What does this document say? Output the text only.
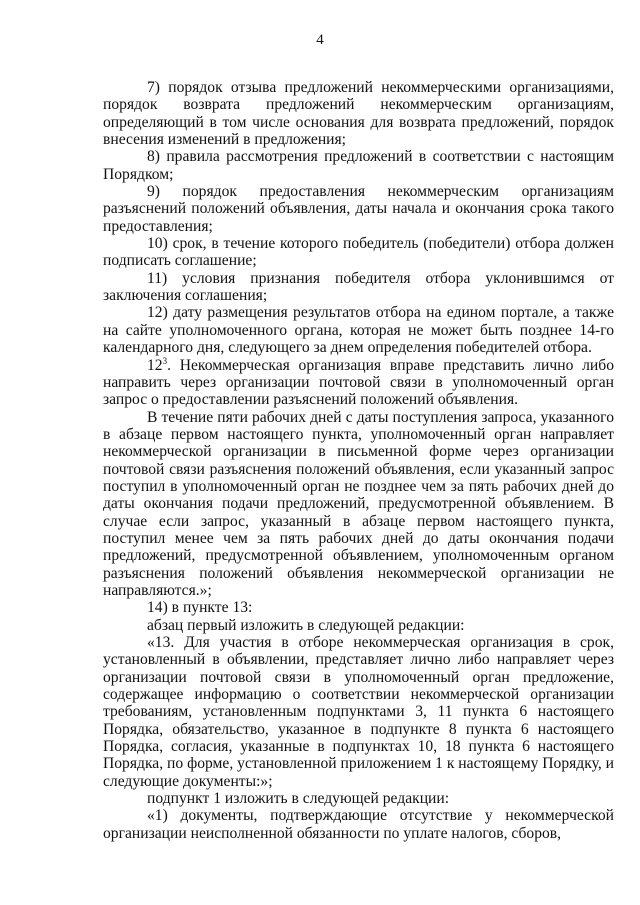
4

7) порядок отзыва предложений некоммерческими организациями, порядок возврата предложений некоммерческим организациям, определяющий в том числе основания для возврата предложений, порядок внесения изменений в предложения;

8) правила рассмотрения предложений в соответствии с настоящим Порядком;

9) порядок предоставления некоммерческим организациям разъяснений положений объявления, даты начала и окончания срока такого предоставления;

10) срок, в течение которого победитель (победители) отбора должен подписать соглашение;

11) условия признания победителя отбора уклонившимся от заключения соглашения;

12) дату размещения результатов отбора на едином портале, а также на сайте уполномоченного органа, которая не может быть позднее 14-го календарного дня, следующего за днем определения победителей отбора.

$12^3$. Некоммерческая организация вправе представить лично либо направить через организации почтовой связи в уполномоченный орган запрос о предоставлении разъяснений положений объявления.

В течение пяти рабочих дней с даты поступления запроса, указанного в абзаце первом настоящего пункта, уполномоченный орган направляет некоммерческой организации в письменной форме через организации почтовой связи разъяснения положений объявления, если указанный запрос поступил в уполномоченный орган не позднее чем за пять рабочих дней до даты окончания подачи предложений, предусмотренной объявлением. В случае если запрос, указанный в абзаце первом настоящего пункта, поступил менее чем за пять рабочих дней до даты окончания подачи предложений, предусмотренной объявлением, уполномоченным органом разъяснения положений объявления некоммерческой организации не направляются.»;

14) в пункте 13:

абзац первый изложить в следующей редакции:

«13. Для участия в отборе некоммерческая организация в срок, установленный в объявлении, представляет лично либо направляет через организации почтовой связи в уполномоченный орган предложение, содержащее информацию о соответствии некоммерческой организации требованиям, установленным подпунктами 3, 11 пункта 6 настоящего Порядка, обязательство, указанное в подпункте 8 пункта 6 настоящего Порядка, согласия, указанные в подпунктах 10, 18 пункта 6 настоящего Порядка, по форме, установленной приложением 1 к настоящему Порядку, и следующие документы:»;

подпункт 1 изложить в следующей редакции:

«1) документы, подтверждающие отсутствие у некоммерческой организации неисполненной обязанности по уплате налогов, сборов,
